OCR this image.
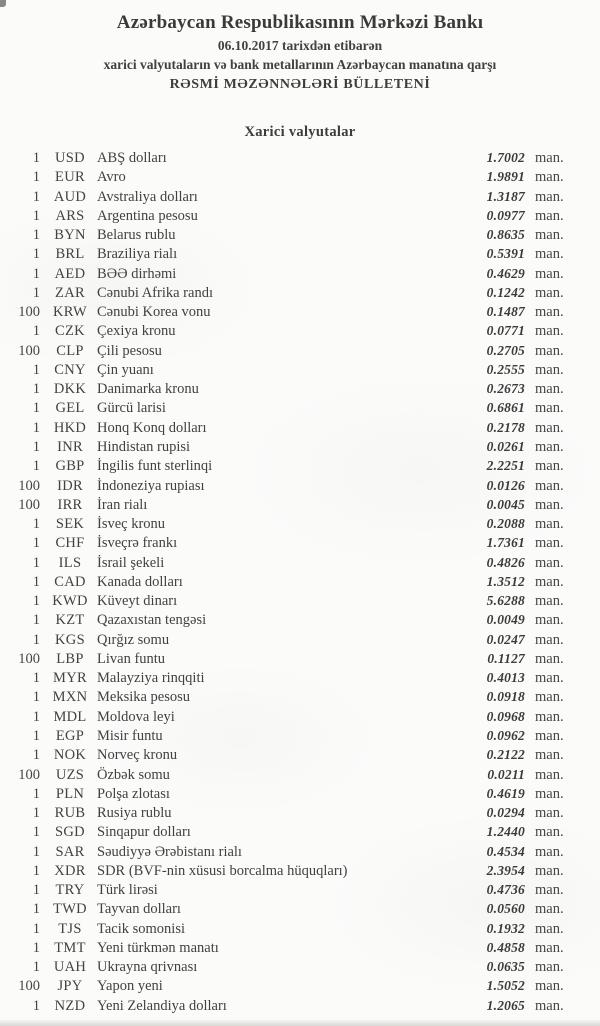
Azərbaycan Respublikasının Mərkəzi Bankı
06.10.2017 tarixdən etibarən
xarici valyutaların və bank metallarının Azərbaycan manatına qarşı
RƏSMİ MƏZƏNNƏLƏRİ BÜLLETENİ
Xarici valyutalar
1	USD ABŞ dolları	1.7002 man.
1	EUR Avro	1.9891 man.
1 AUD Avstraliya dolları	1.3187 man.
1	ARS Argentina pesosu	0.0977 man.
1 BYN Belarus rublu	0.8635 man.
1	BRL Braziliya rialı	0.5391 man.
1	AED BƏƏ dirhəmi	0.4629 man.
1	ZAR Cənubi Afrika randı	0.1242 man.
100 KRW Cənubi Korea vonu	0.1487 man.
1	CZK Çexiya kronu	0.0771 man.
100	CLP Çili pesosu	0.2705 man.
1 CNY Çin yuanı	0.2555 man.
1 DKK Danimarka kronu	0.2673 man.
1	GEL Gürcü larisi	0.6861 man.
1 HKD Honq Konq dolları	0.2178 man.
1	INR Hindistan rupisi	0.0261 man.
1	GBP İngilis funt sterlinqi	2.2251 man.
100	IDR İndoneziya rupiası	0.0126 man.
100	IRR İran rialı	0.0045 man.
1	SEK İsveç kronu	0.2088 man.
1	CHF İsveçrə frankı	1.7361 man.
1	ILS	İsrail şekeli	0.4826 man.
1 CAD Kanada dolları	1.3512 man.
1 KWD Küveyt dinarı	5.6288 man.
1	KZT Qazaxıstan tengəsi	0.0049 man.
1	KGS Qırğız somu	0.0247 man.
100	LBP Livan funtu	0.1127 man.
1 MYR Malayziya rinqqiti	0.4013 man.
1 MXN Meksika pesosu	0.0918 man.
1 MDL Moldova leyi	0.0968 man.
1	EGP Misir funtu	0.0962 man.
1 NOK Norveç kronu	0.2122 man.
100	UZS Özbək somu	0.0211 man.
1	PLN Polşa zlotası	0.4619 man.
1	RUB Rusiya rublu	0.0294 man.
1	SGD Sinqapur dolları	1.2440 man.
1	SAR Səudiyyə Ərəbistanı rialı	0.4534 man.
1 XDR SDR (BVF-nin xüsusi borcalma hüquqları)	2.3954 man.
1	TRY Türk lirəsi	0.4736 man.
1 TWD Tayvan dolları	0.0560 man.
1	TJS	Tacik somonisi	0.1932 man.
1 TMT Yeni türkmən manatı	0.4858 man.
1 UAH Ukrayna qrivnası	0.0635 man.
100	JPY Yapon yeni	1.5052 man.
1	NZD Yeni Zelandiya dolları	1.2065 man.
